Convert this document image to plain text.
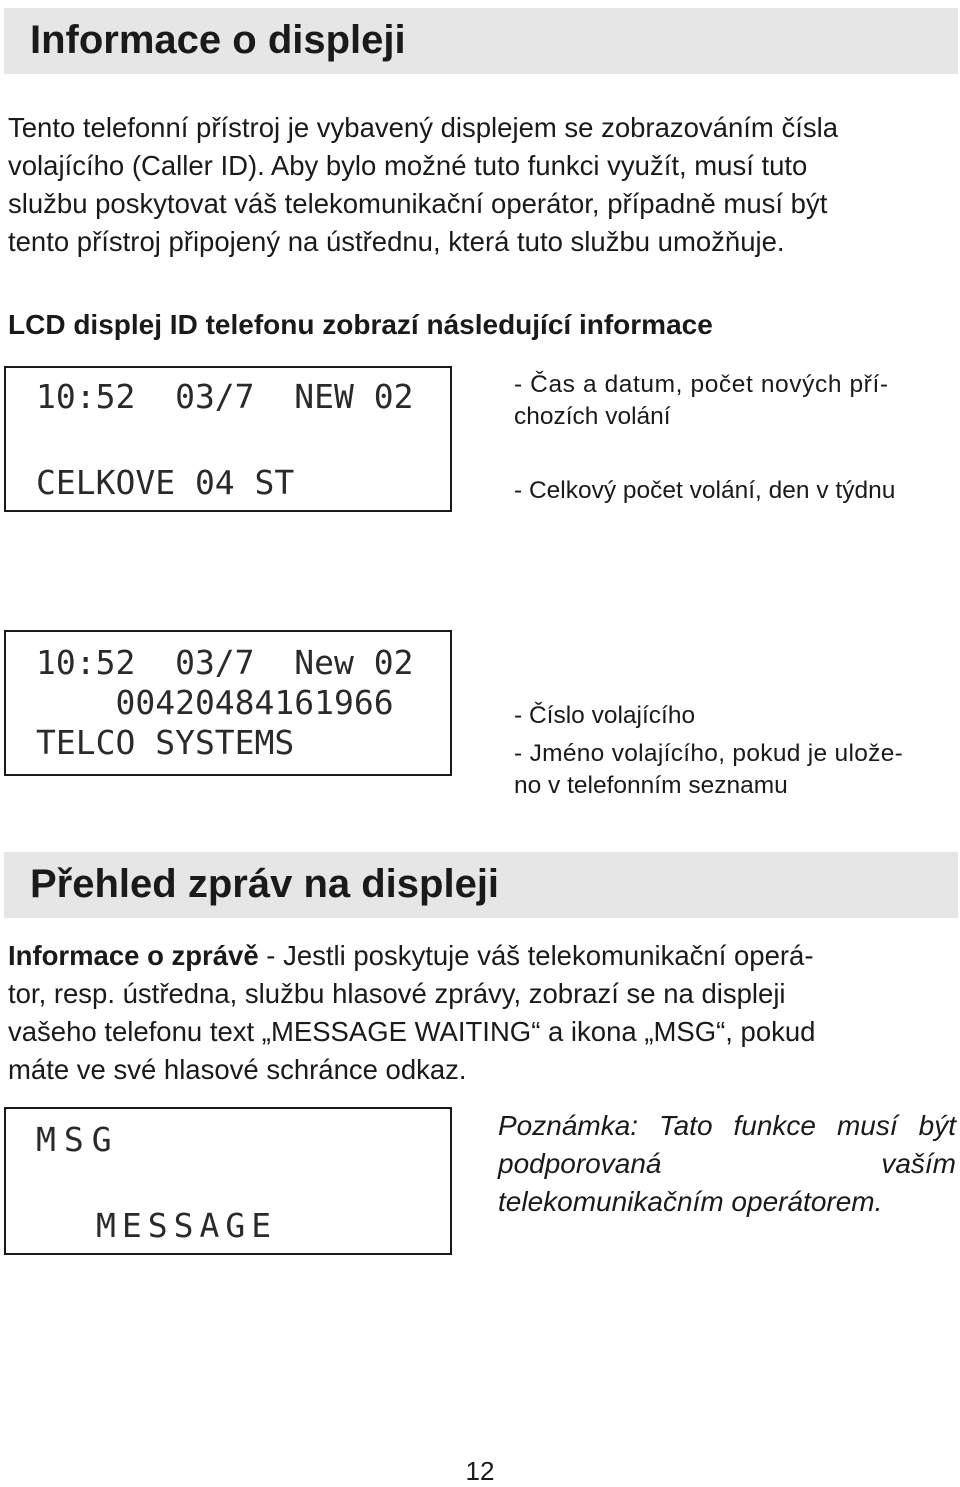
Informace o displeji
Tento telefonní přístroj je vybavený displejem se zobrazováním čísla
volajícího (Caller ID). Aby bylo možné tuto funkci využít, musí tuto
službu poskytovat váš telekomunikační operátor, případně musí být
tento přístroj připojený na ústřednu, která tuto službu umožňuje.
LCD displej ID telefonu zobrazí následující informace
10:52  03/7  NEW 02
CELKOVE 04 ST
- Čas a datum, počet nových pří-
chozích volání
- Celkový počet volání, den v týdnu
10:52  03/7  New 02
00420484161966
TELCO SYSTEMS
- Číslo volajícího
- Jméno volajícího, pokud je ulože-
no v telefonním seznamu
Přehled zpráv na displeji
Informace o zprávě - Jestli poskytuje váš telekomunikační operá-
tor, resp. ústředna, službu hlasové zprávy, zobrazí se na displeji
vašeho telefonu text „MESSAGE WAITING“ a ikona „MSG“, pokud
máte ve své hlasové schránce odkaz.
MSG
MESSAGE
Poznámka: Tato funkce musí být podporovaná vaším telekomunikačním operátorem.
12
